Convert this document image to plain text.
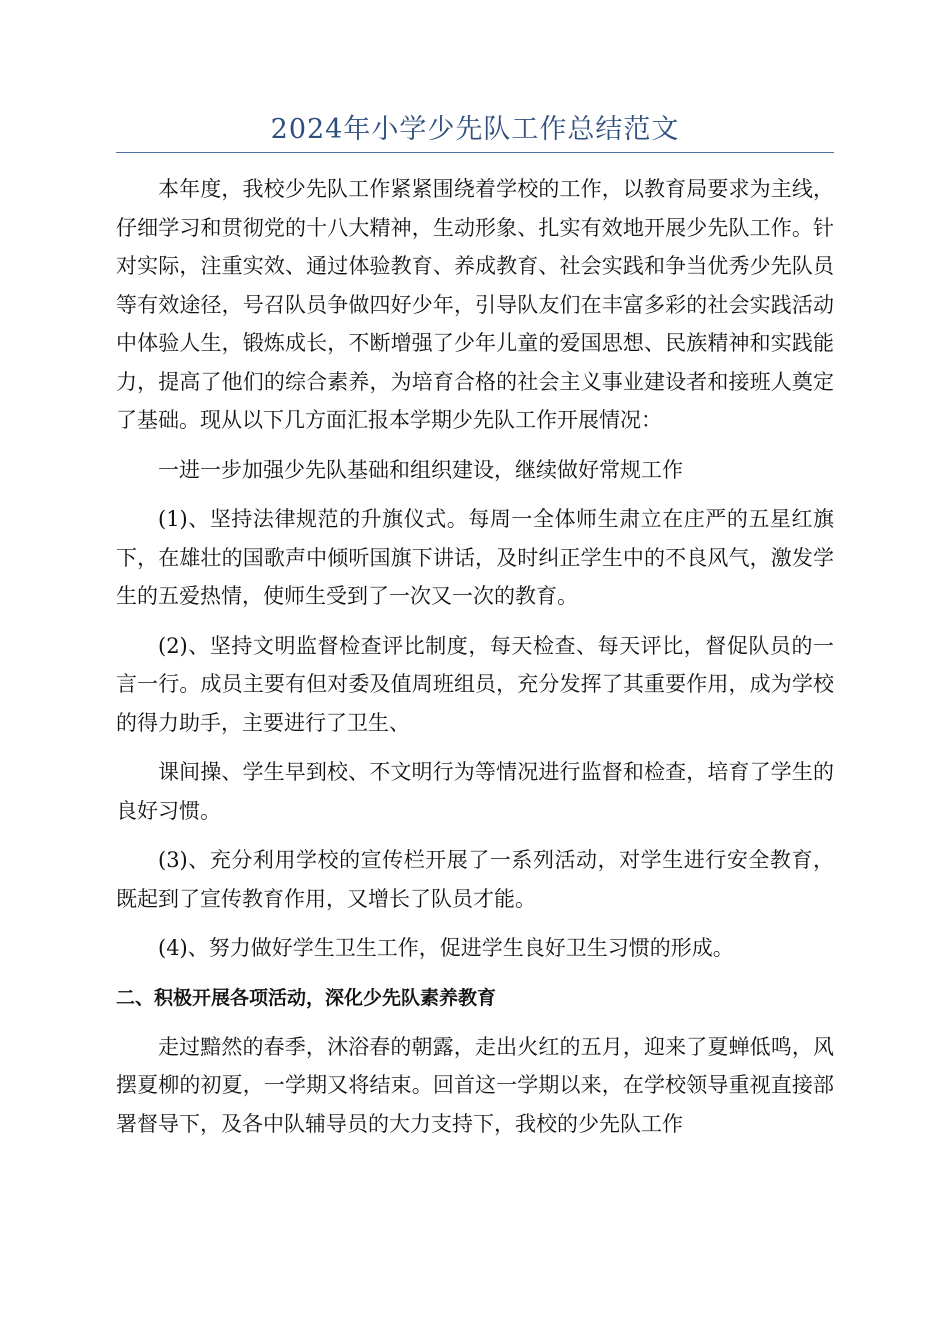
2024年小学少先队工作总结范文

本年度，我校少先队工作紧紧围绕着学校的工作，以教育局要求为主线，仔细学习和贯彻党的十八大精神，生动形象、扎实有效地开展少先队工作。针对实际，注重实效、通过体验教育、养成教育、社会实践和争当优秀少先队员等有效途径，号召队员争做四好少年，引导队友们在丰富多彩的社会实践活动中体验人生，锻炼成长，不断增强了少年儿童的爱国思想、民族精神和实践能力，提高了他们的综合素养，为培育合格的社会主义事业建设者和接班人奠定了基础。现从以下几方面汇报本学期少先队工作开展情况：

一进一步加强少先队基础和组织建设，继续做好常规工作

(1)、坚持法律规范的升旗仪式。每周一全体师生肃立在庄严的五星红旗下，在雄壮的国歌声中倾听国旗下讲话，及时纠正学生中的不良风气，激发学生的五爱热情，使师生受到了一次又一次的教育。

(2)、坚持文明监督检查评比制度，每天检查、每天评比，督促队员的一言一行。成员主要有但对委及值周班组员，充分发挥了其重要作用，成为学校的得力助手，主要进行了卫生、

课间操、学生早到校、不文明行为等情况进行监督和检查，培育了学生的良好习惯。

(3)、充分利用学校的宣传栏开展了一系列活动，对学生进行安全教育，既起到了宣传教育作用，又增长了队员才能。

(4)、努力做好学生卫生工作，促进学生良好卫生习惯的形成。

二、积极开展各项活动，深化少先队素养教育

走过黯然的春季，沐浴春的朝露，走出火红的五月，迎来了夏蝉低鸣，风摆夏柳的初夏，一学期又将结束。回首这一学期以来，在学校领导重视直接部署督导下，及各中队辅导员的大力支持下，我校的少先队工作
